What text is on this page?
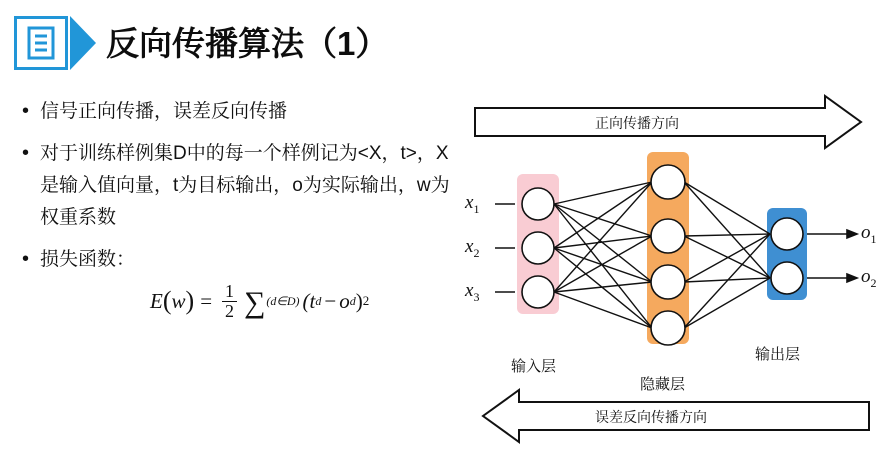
反向传播算法（1）
• 信号正向传播，误差反向传播
• 对于训练样例集D中的每一个样例记为<X，t>，X是输入值向量，t为目标输出，o为实际输出，w为权重系数
• 损失函数：
E ( w ) = $\frac{1}{2}$ ∑ (d∈D) (t d − o d ) 2
正向传播方向
误差反向传播方向
输入层
隐藏层
输出层
$x_1$
$x_2$
$x_3$
$o_1$
$o_2$
